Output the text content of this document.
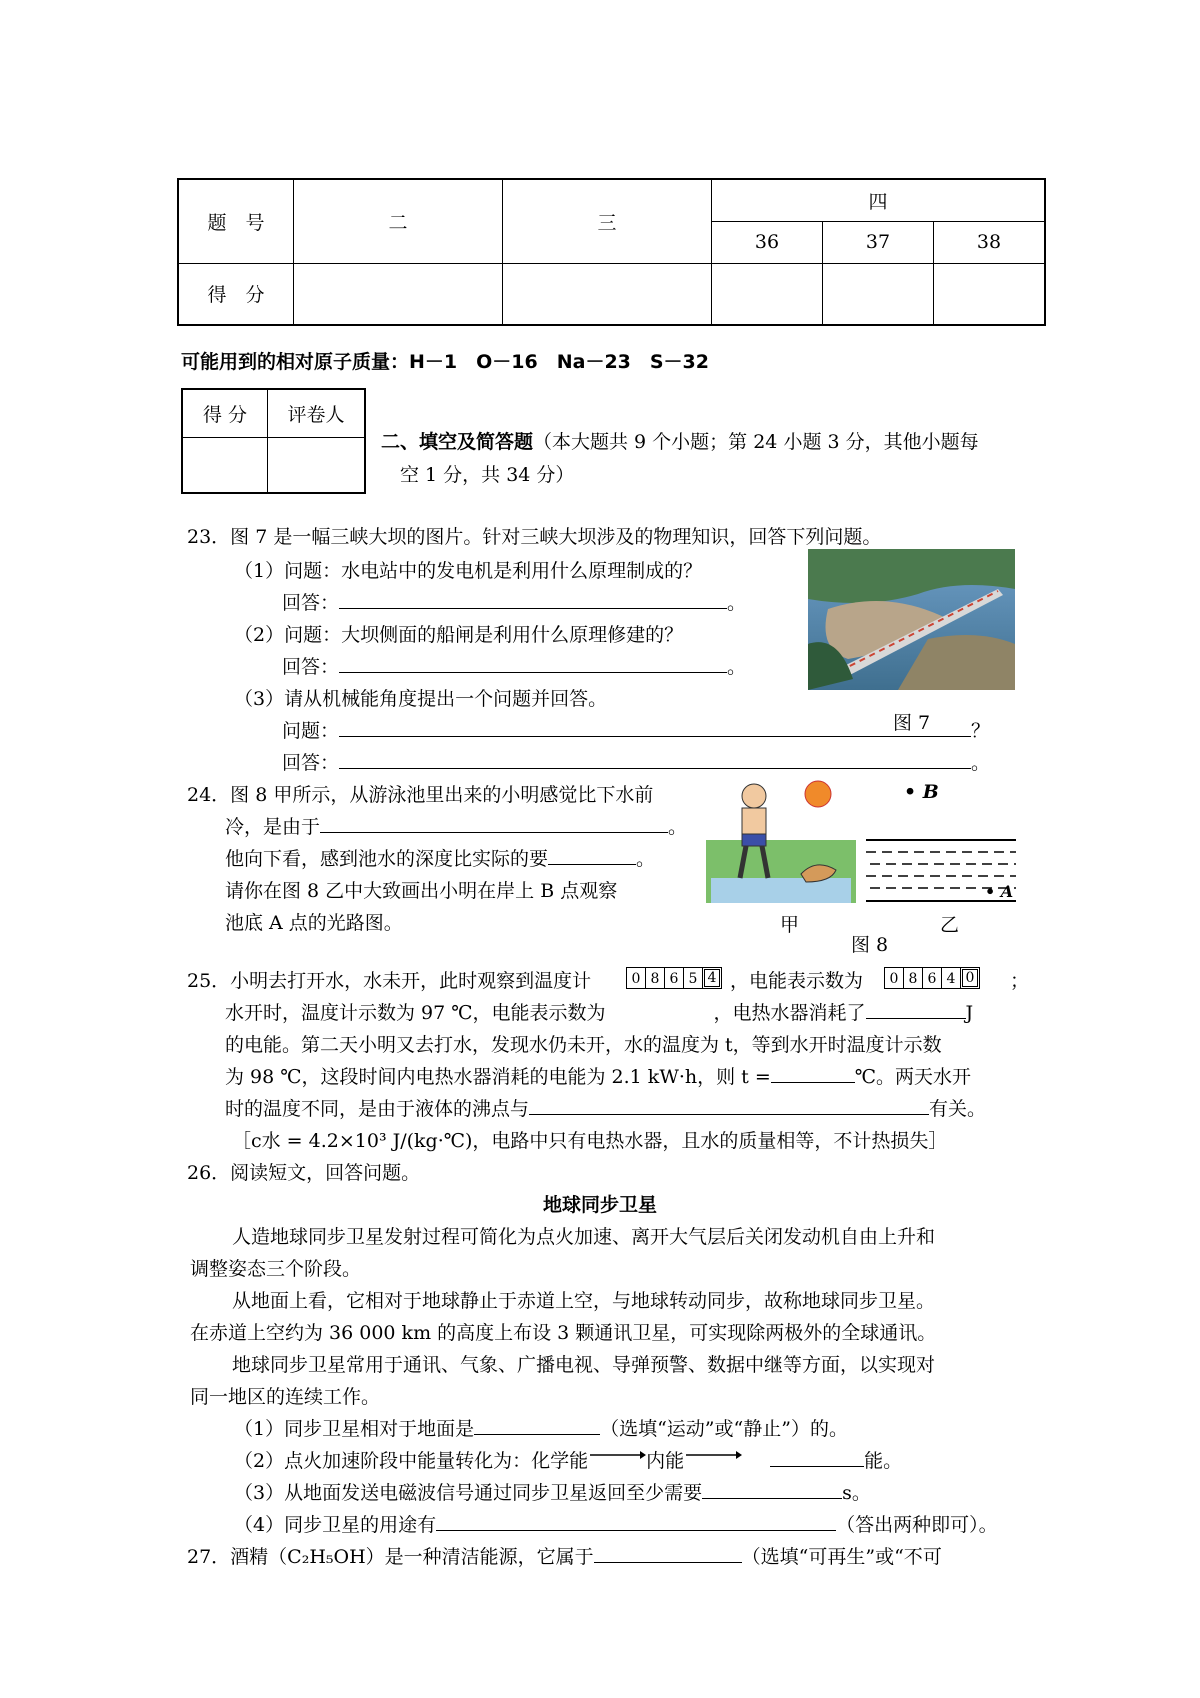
题　号	二	三	四		
			36	37	38
得　分					
可能用到的相对原子质量：H－1　O－16　Na－23　S－32
得 分	评卷人

二、填空及简答题（本大题共 9 个小题；第 24 小题 3 分，其他小题每
空 1 分，共 34 分）
23．图 7 是一幅三峡大坝的图片。针对三峡大坝涉及的物理知识，回答下列问题。
（1）问题：水电站中的发电机是利用什么原理制成的？
回答：	。
（2）问题：大坝侧面的船闸是利用什么原理修建的？
回答：	。
（3）请从机械能角度提出一个问题并回答。
问题：	？
回答：	。
图 7
24．图 8 甲所示，从游泳池里出来的小明感觉比下水前
冷，是由于	。
他向下看，感到池水的深度比实际的要	。
请你在图 8 乙中大致画出小明在岸上 B 点观察
池底 A 点的光路图。
• B
• A
甲	乙
图 8
25．小明去打开水，水未开，此时观察到温度计	0 8 6 5 4 ，电能表示数为	0 8 6 4 0 ；
水开时，温度计示数为 97 ℃，电能表示数为	，电热水器消耗了	J
的电能。第二天小明又去打水，发现水仍未开，水的温度为 t，等到水开时温度计示数
为 98 ℃，这段时间内电热水器消耗的电能为 2.1 kW·h，则 t =	℃。两天水开
时的温度不同，是由于液体的沸点与	有关。
［c水 = 4.2×10³ J/(kg·℃)，电路中只有电热水器，且水的质量相等，不计热损失］
26．阅读短文，回答问题。
地球同步卫星
人造地球同步卫星发射过程可简化为点火加速、离开大气层后关闭发动机自由上升和
调整姿态三个阶段。
从地面上看，它相对于地球静止于赤道上空，与地球转动同步，故称地球同步卫星。
在赤道上空约为 36 000 km 的高度上布设 3 颗通讯卫星，可实现除两极外的全球通讯。
地球同步卫星常用于通讯、气象、广播电视、导弹预警、数据中继等方面，以实现对
同一地区的连续工作。
（1）同步卫星相对于地面是	（选填“运动”或“静止”）的。
（2）点火加速阶段中能量转化为：化学能	内能	能。
（3）从地面发送电磁波信号通过同步卫星返回至少需要	s。
（4）同步卫星的用途有	（答出两种即可）。
27．酒精（C₂H₅OH）是一种清洁能源，它属于	（选填“可再生”或“不可
